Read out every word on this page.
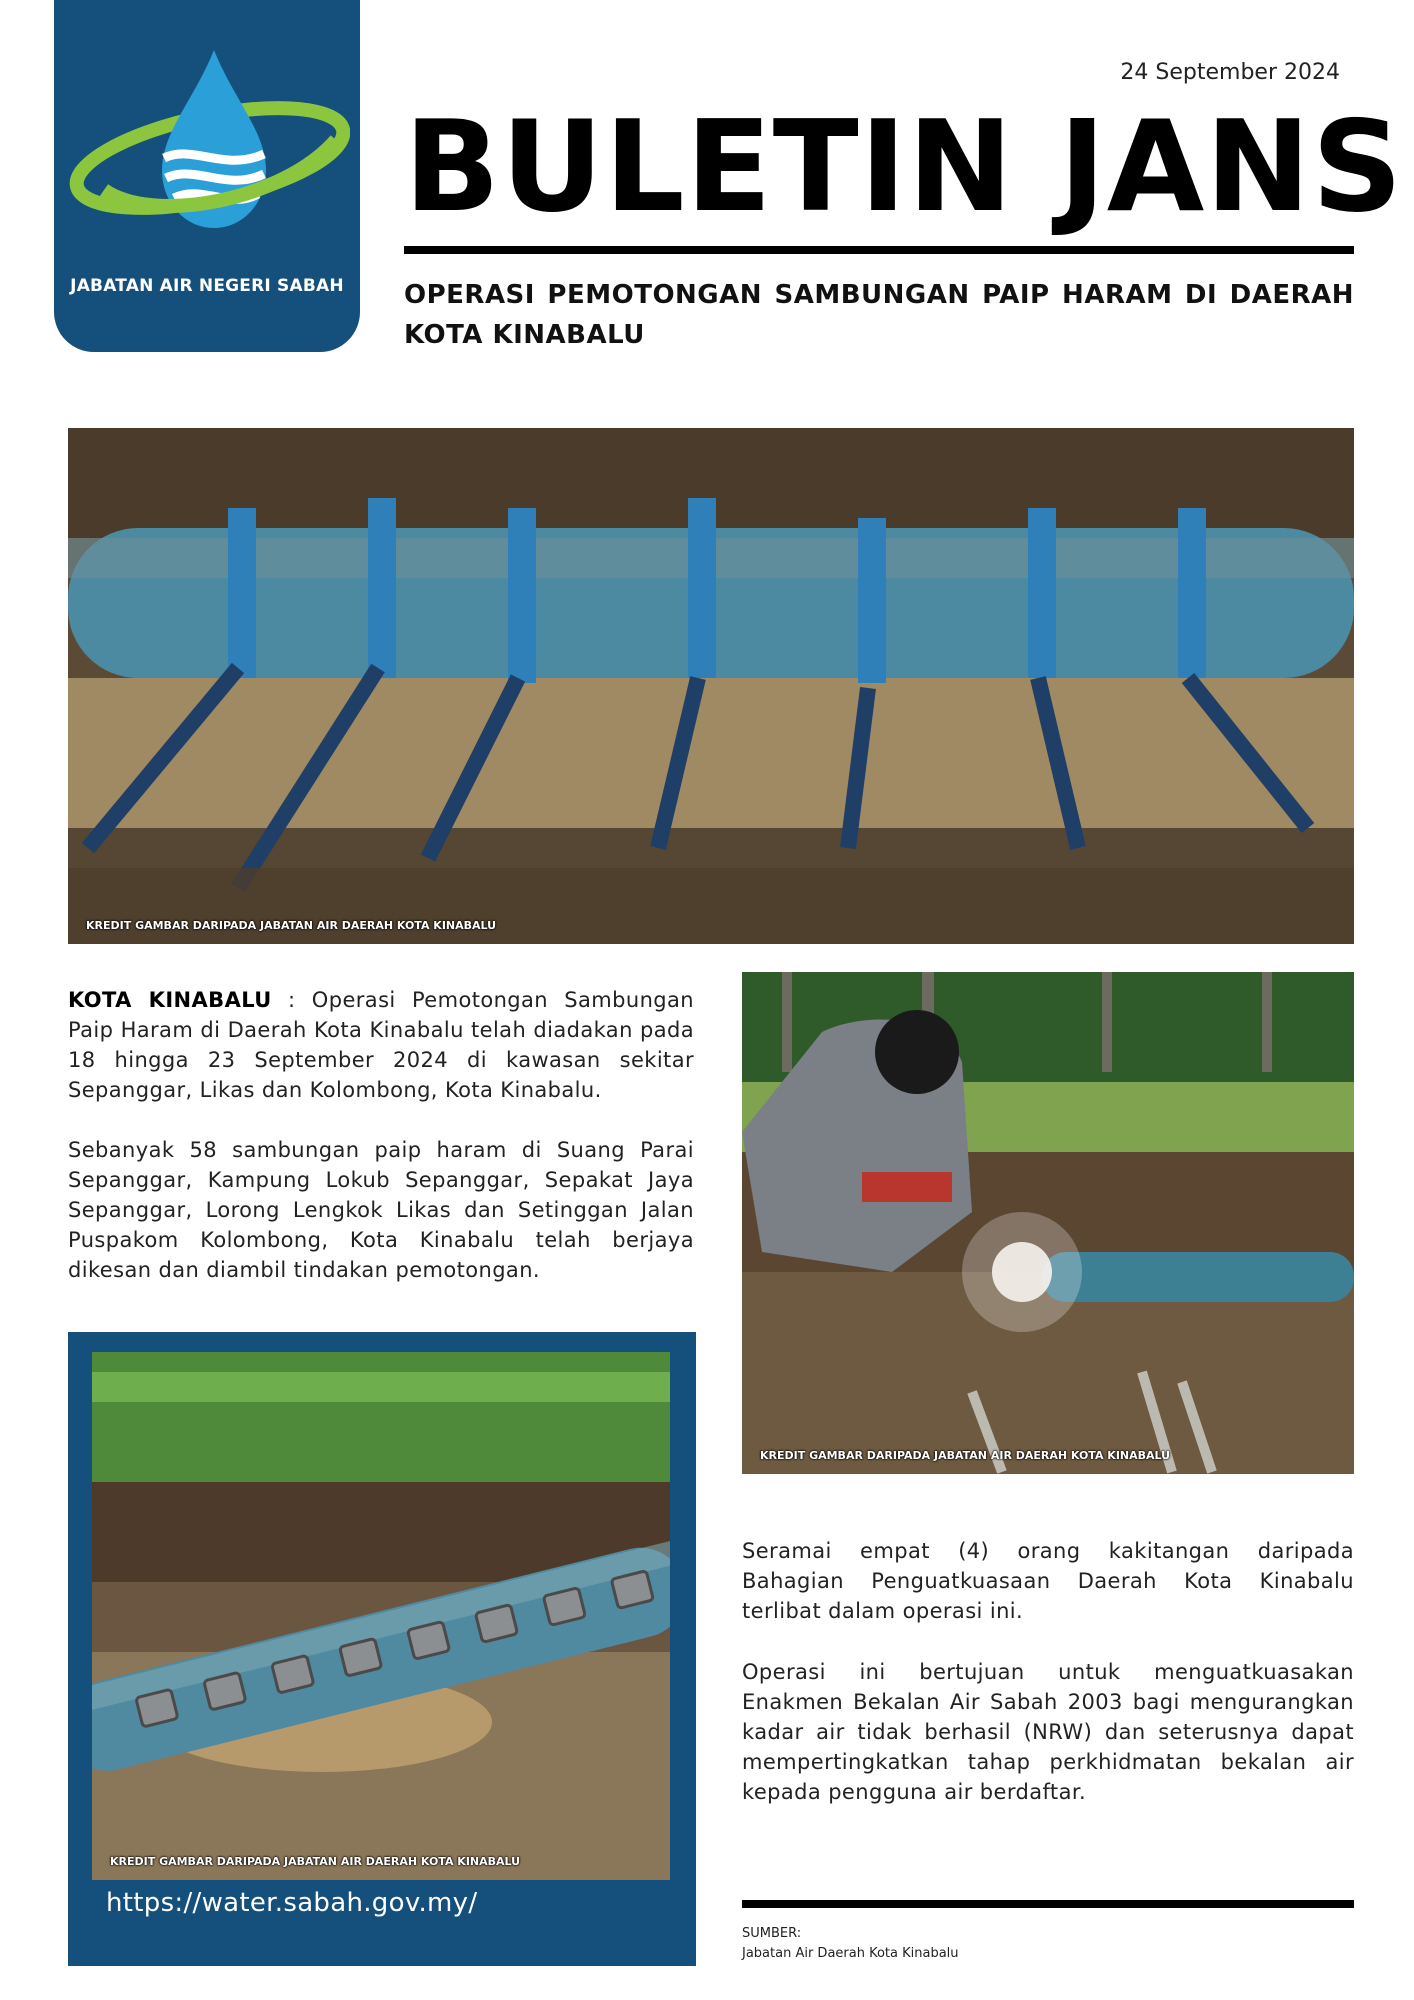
JABATAN AIR NEGERI SABAH
24 September 2024
BULETIN JANS
OPERASI PEMOTONGAN SAMBUNGAN PAIP HARAM DI DAERAH KOTA KINABALU
KREDIT GAMBAR DARIPADA JABATAN AIR DAERAH KOTA KINABALU
KOTA KINABALU : Operasi Pemotongan Sambungan Paip Haram di Daerah Kota Kinabalu telah diadakan pada 18 hingga 23 September 2024 di kawasan sekitar Sepanggar, Likas dan Kolombong, Kota Kinabalu.
Sebanyak 58 sambungan paip haram di Suang Parai Sepanggar, Kampung Lokub Sepanggar, Sepakat Jaya Sepanggar, Lorong Lengkok Likas dan Setinggan Jalan Puspakom Kolombong, Kota Kinabalu telah berjaya dikesan dan diambil tindakan pemotongan.
KREDIT GAMBAR DARIPADA JABATAN AIR DAERAH KOTA KINABALU
Seramai empat (4) orang kakitangan daripada Bahagian Penguatkuasaan Daerah Kota Kinabalu terlibat dalam operasi ini.
Operasi ini bertujuan untuk menguatkuasakan Enakmen Bekalan Air Sabah 2003 bagi mengurangkan kadar air tidak berhasil (NRW) dan seterusnya dapat mempertingkatkan tahap perkhidmatan bekalan air kepada pengguna air berdaftar.
KREDIT GAMBAR DARIPADA JABATAN AIR DAERAH KOTA KINABALU
https://water.sabah.gov.my/
SUMBER:
Jabatan Air Daerah Kota Kinabalu
